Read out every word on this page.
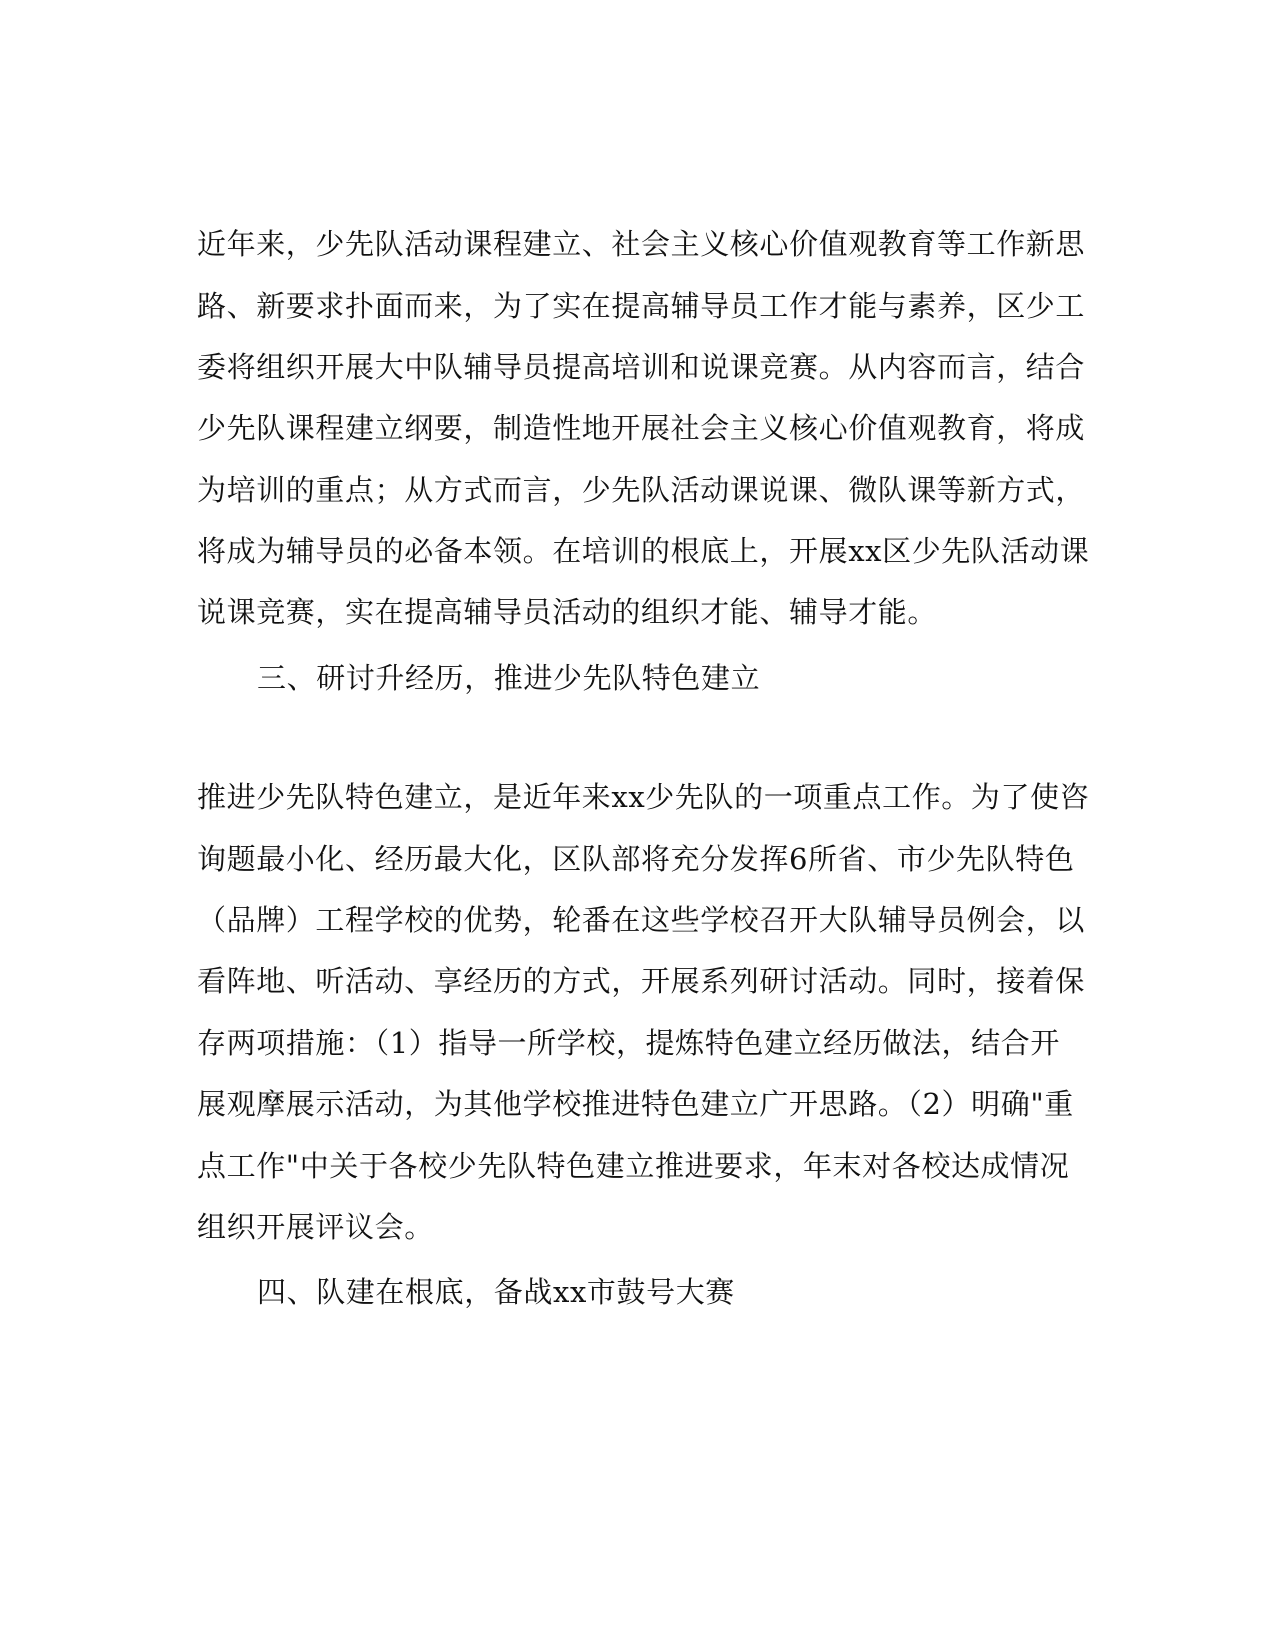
近年来，少先队活动课程建立、社会主义核心价值观教育等工作新思
路、新要求扑面而来，为了实在提高辅导员工作才能与素养，区少工
委将组织开展大中队辅导员提高培训和说课竞赛。从内容而言，结合
少先队课程建立纲要，制造性地开展社会主义核心价值观教育，将成
为培训的重点；从方式而言，少先队活动课说课、微队课等新方式，
将成为辅导员的必备本领。在培训的根底上，开展xx区少先队活动课
说课竞赛，实在提高辅导员活动的组织才能、辅导才能。
三、研讨升经历，推进少先队特色建立
推进少先队特色建立，是近年来xx少先队的一项重点工作。为了使咨
询题最小化、经历最大化，区队部将充分发挥6所省、市少先队特色
（品牌）工程学校的优势，轮番在这些学校召开大队辅导员例会，以
看阵地、听活动、享经历的方式，开展系列研讨活动。同时，接着保
存两项措施：（1）指导一所学校，提炼特色建立经历做法，结合开
展观摩展示活动，为其他学校推进特色建立广开思路。（2）明确"重
点工作"中关于各校少先队特色建立推进要求，年末对各校达成情况
组织开展评议会。
四、队建在根底，备战xx市鼓号大赛
